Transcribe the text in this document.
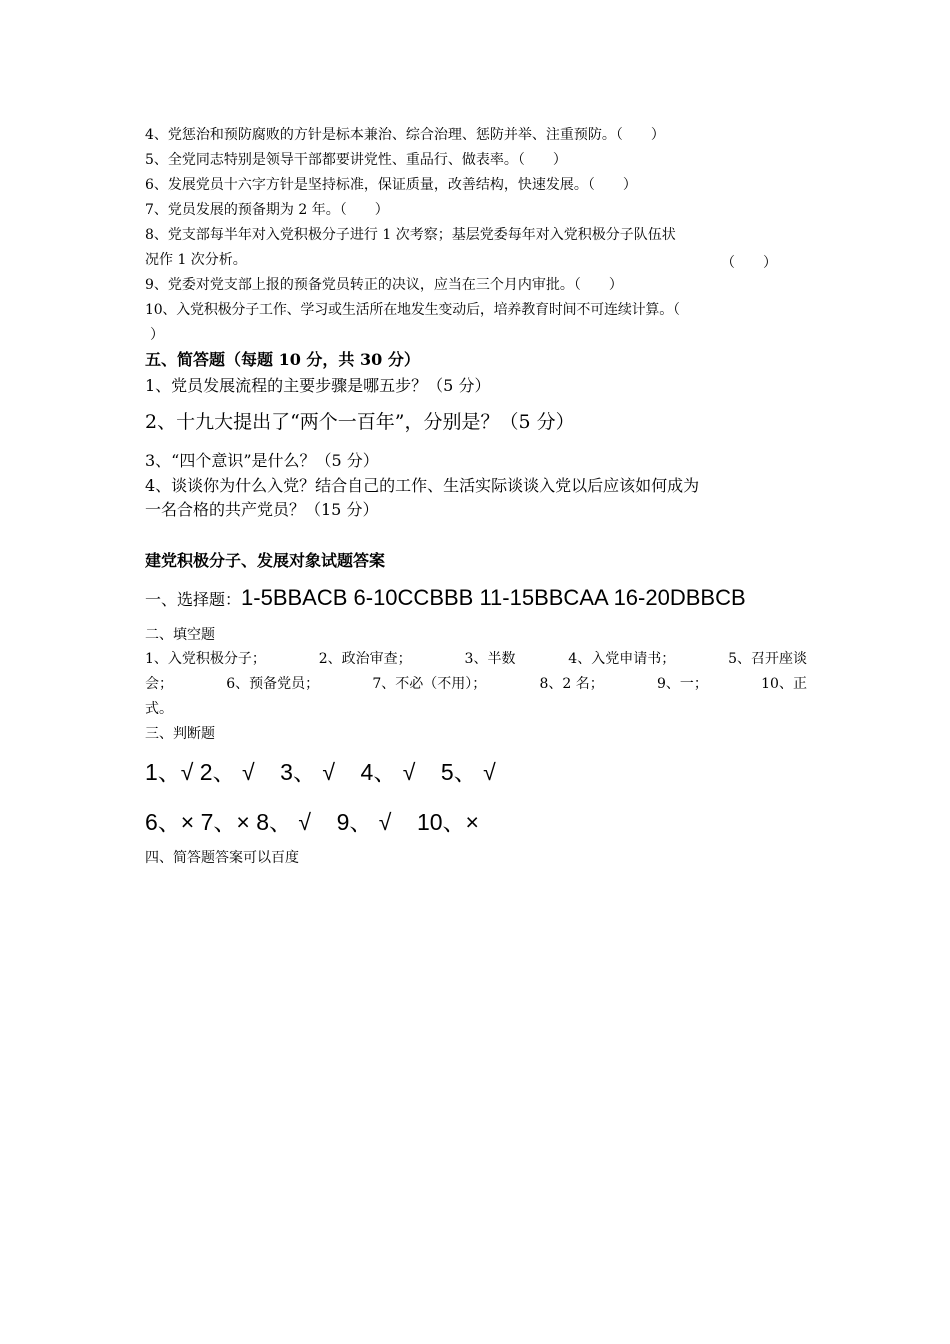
4、党惩治和预防腐败的方针是标本兼治、综合治理、惩防并举、注重预防。（　　）
5、全党同志特别是领导干部都要讲党性、重品行、做表率。（　　）
6、发展党员十六字方针是坚持标准，保证质量，改善结构，快速发展。（　　）
7、党员发展的预备期为 2 年。（　　）
8、党支部每半年对入党积极分子进行 1 次考察；基层党委每年对入党积极分子队伍状
况作 1 次分析。	（　　）
9、党委对党支部上报的预备党员转正的决议，应当在三个月内审批。（　　）
10、入党积极分子工作、学习或生活所在地发生变动后，培养教育时间不可连续计算。（
）
五、简答题（每题 10 分，共 30 分）
1、党员发展流程的主要步骤是哪五步？（5 分）
2、十九大提出了“两个一百年”，分别是？（5 分）
3、“四个意识”是什么？（5 分）
4、谈谈你为什么入党？结合自己的工作、生活实际谈谈入党以后应该如何成为
一名合格的共产党员？（15 分）
建党积极分子、发展对象试题答案
一、选择题：1-5BBACB 6-10CCBBB 11-15BBCAA 16-20DBBCB
二、填空题
1、入党积极分子；	2、政治审查；	3、半数	4、入党申请书；	5、召开座谈
会；	6、预备党员；	7、不必（不用）；	8、2 名；	9、一；	10、正
式。
三、判断题
1、√ 2、 √    3、 √    4、 √    5、 √
6、× 7、× 8、 √    9、 √    10、×
四、简答题答案可以百度
